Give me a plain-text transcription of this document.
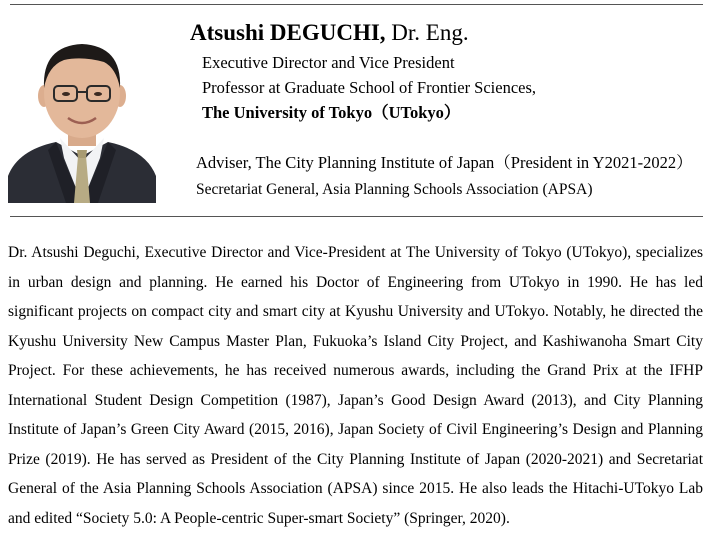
Atsushi DEGUCHI, Dr. Eng.
Executive Director and Vice President
Professor at Graduate School of Frontier Sciences,
The University of Tokyo（UTokyo）
Adviser, The City Planning Institute of Japan（President in Y2021-2022）
Secretariat General, Asia Planning Schools Association (APSA)

Dr. Atsushi Deguchi, Executive Director and Vice-President at The University of Tokyo (UTokyo), specializes in urban design and planning. He earned his Doctor of Engineering from UTokyo in 1990. He has led significant projects on compact city and smart city at Kyushu University and UTokyo. Notably, he directed the Kyushu University New Campus Master Plan, Fukuoka’s Island City Project, and Kashiwanoha Smart City Project. For these achievements, he has received numerous awards, including the Grand Prix at the IFHP International Student Design Competition (1987), Japan’s Good Design Award (2013), and City Planning Institute of Japan’s Green City Award (2015, 2016), Japan Society of Civil Engineering’s Design and Planning Prize (2019). He has served as President of the City Planning Institute of Japan (2020-2021) and Secretariat General of the Asia Planning Schools Association (APSA) since 2015. He also leads the Hitachi-UTokyo Lab and edited “Society 5.0: A People-centric Super-smart Society” (Springer, 2020).
